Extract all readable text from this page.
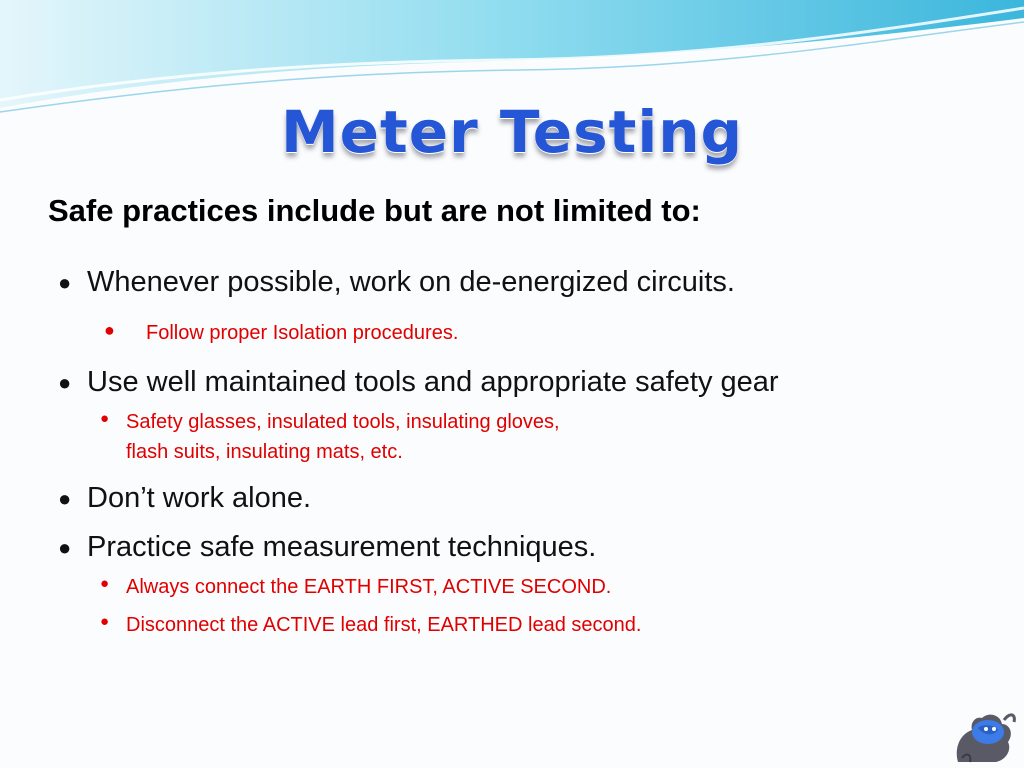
Meter Testing

Safe practices include but are not limited to:

● Whenever possible, work on de-energized circuits.
●	Follow proper Isolation procedures.
● Use well maintained tools and appropriate safety gear
● Safety glasses, insulated tools, insulating gloves,
flash suits, insulating mats, etc.
● Don’t work alone.
● Practice safe measurement techniques.
● Always connect the EARTH FIRST, ACTIVE SECOND.
● Disconnect the ACTIVE lead first, EARTHED lead second.
